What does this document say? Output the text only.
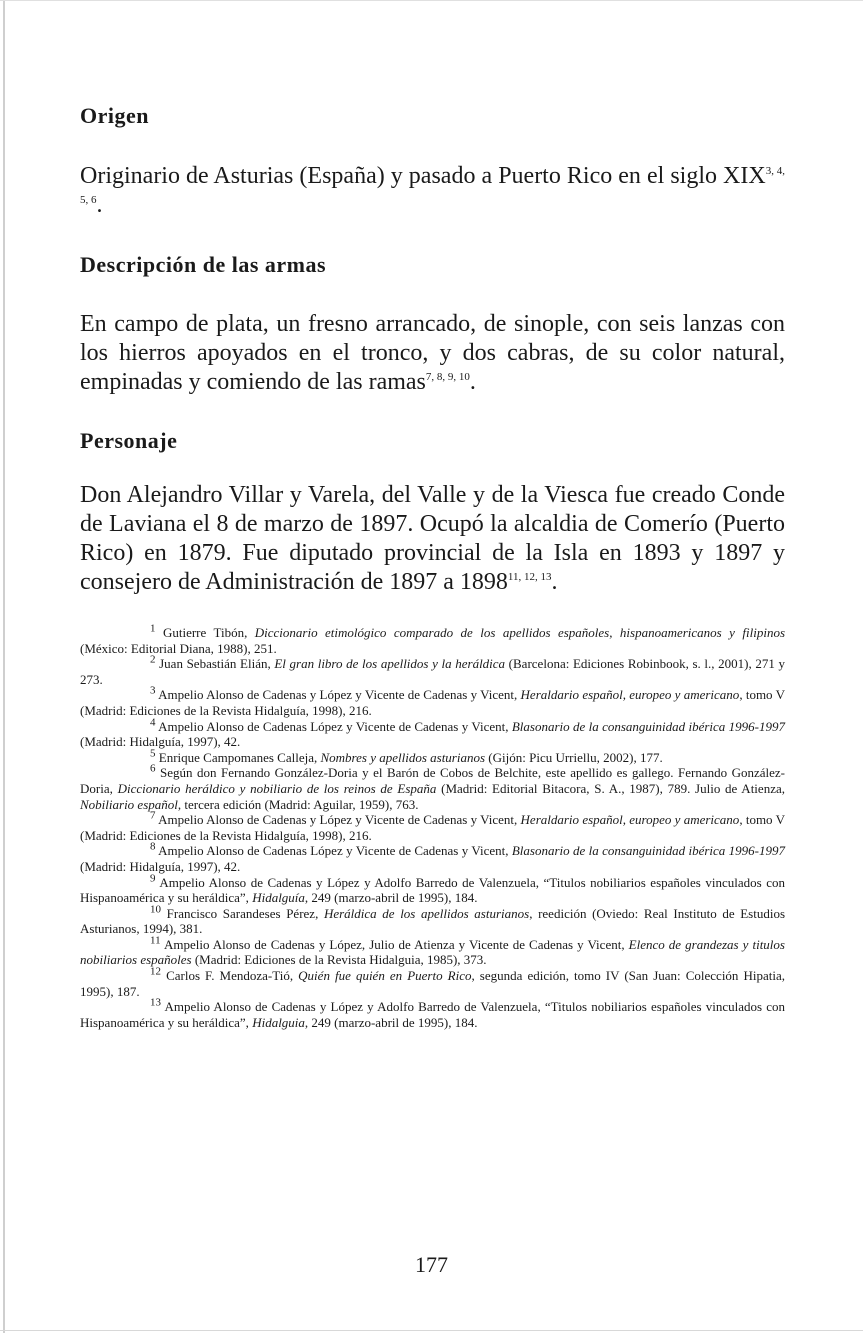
Origen

Originario de Asturias (España) y pasado a Puerto Rico en el siglo XIX$^{3, 4, 5, 6}$.

Descripción de las armas

En campo de plata, un fresno arrancado, de sinople, con seis lanzas con los hierros apoyados en el tronco, y dos cabras, de su color natural, empinadas y comiendo de las ramas$^{7, 8, 9, 10}$.

Personaje

Don Alejandro Villar y Varela, del Valle y de la Viesca fue creado Conde de Laviana el 8 de marzo de 1897. Ocupó la alcaldia de Comerío (Puerto Rico) en 1879. Fue diputado provincial de la Isla en 1893 y 1897 y consejero de Administración de 1897 a 1898$^{11, 12, 13}$.

$^1$ Gutierre Tibón, Diccionario etimológico comparado de los apellidos españoles, hispanoamericanos y filipinos (México: Editorial Diana, 1988), 251.

$^2$ Juan Sebastián Elián, El gran libro de los apellidos y la heráldica (Barcelona: Ediciones Robinbook, s. l., 2001), 271 y 273.

$^3$ Ampelio Alonso de Cadenas y López y Vicente de Cadenas y Vicent, Heraldario español, europeo y americano, tomo V (Madrid: Ediciones de la Revista Hidalguía, 1998), 216.

$^4$ Ampelio Alonso de Cadenas López y Vicente de Cadenas y Vicent, Blasonario de la consanguinidad ibérica 1996-1997 (Madrid: Hidalguía, 1997), 42.

$^5$ Enrique Campomanes Calleja, Nombres y apellidos asturianos (Gijón: Picu Urriellu, 2002), 177.

$^6$ Según don Fernando González-Doria y el Barón de Cobos de Belchite, este apellido es gallego. Fernando González-Doria, Diccionario heráldico y nobiliario de los reinos de España (Madrid: Editorial Bitacora, S. A., 1987), 789. Julio de Atienza, Nobiliario español, tercera edición (Madrid: Aguilar, 1959), 763.

$^7$ Ampelio Alonso de Cadenas y López y Vicente de Cadenas y Vicent, Heraldario español, europeo y americano, tomo V (Madrid: Ediciones de la Revista Hidalguía, 1998), 216.

$^8$ Ampelio Alonso de Cadenas López y Vicente de Cadenas y Vicent, Blasonario de la consanguinidad ibérica 1996-1997 (Madrid: Hidalguía, 1997), 42.

$^9$ Ampelio Alonso de Cadenas y López y Adolfo Barredo de Valenzuela, “Titulos nobiliarios españoles vinculados con Hispanoamérica y su heráldica”, Hidalguía, 249 (marzo-abril de 1995), 184.

$^{10}$ Francisco Sarandeses Pérez, Heráldica de los apellidos asturianos, reedición (Oviedo: Real Instituto de Estudios Asturianos, 1994), 381.

$^{11}$ Ampelio Alonso de Cadenas y López, Julio de Atienza y Vicente de Cadenas y Vicent, Elenco de grandezas y titulos nobiliarios españoles (Madrid: Ediciones de la Revista Hidalguia, 1985), 373.

$^{12}$ Carlos F. Mendoza-Tió, Quién fue quién en Puerto Rico, segunda edición, tomo IV (San Juan: Colección Hipatia, 1995), 187.

$^{13}$ Ampelio Alonso de Cadenas y López y Adolfo Barredo de Valenzuela, “Titulos nobiliarios españoles vinculados con Hispanoamérica y su heráldica”, Hidalguia, 249 (marzo-abril de 1995), 184.

177
